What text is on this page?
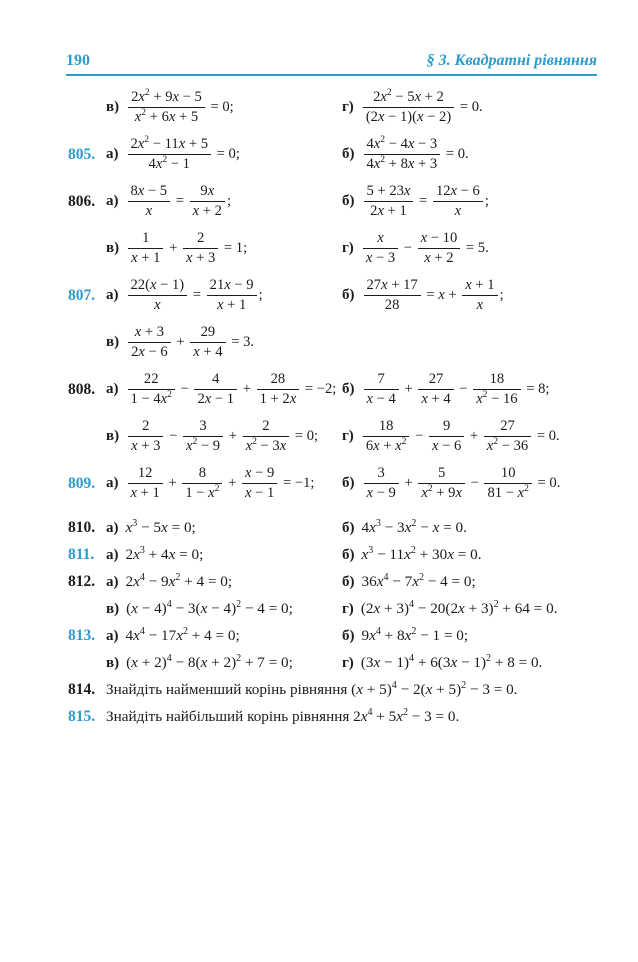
190	§ 3. Квадратні рівняння
$в) \frac{2x^2 + 9x - 5}{x^2 + 6x + 5} = 0$;	$г) \frac{2x^2 - 5x + 2}{(2x - 1)(x - 2)} = 0$.
805. $а) \frac{2x^2 - 11x + 5}{4x^2 - 1} = 0$;	$б) \frac{4x^2 - 4x - 3}{4x^2 + 8x + 3} = 0$.
806. $а) \frac{8x - 5}{x} = \frac{9x}{x + 2}$ ;	$б) \frac{5 + 23x}{2x + 1} = \frac{12x - 6}{x}$ ;
$в) \frac{1}{x + 1} + \frac{2}{x + 3} = 1$;	$г) \frac{x}{x - 3} - \frac{x - 10}{x + 2} = 5$.
807. $а) \frac{22(x - 1)}{x} = \frac{21x - 9}{x + 1}$ ;	$б) \frac{27x + 17}{28} = x + \frac{x + 1}{x}$ ;
$в) \frac{x + 3}{2x - 6} + \frac{29}{x + 4} = 3$.
808. $а) \frac{22}{1 - 4x^2} - \frac{4}{2x - 1} + \frac{28}{1 + 2x} = -2$; $б) \frac{7}{x - 4} + \frac{27}{x + 4} - \frac{18}{x^2 - 16} = 8$;
$в) \frac{2}{x + 3} - \frac{3}{x^2 - 9} + \frac{2}{x^2 - 3x} = 0$;	$г) \frac{18}{6x + x^2} - \frac{9}{x - 6} + \frac{27}{x^2 - 36} = 0$.
809. $а) \frac{12}{x + 1} + \frac{8}{1 - x^2} + \frac{x - 9}{x - 1} = -1$;	$б) \frac{3}{x - 9} + \frac{5}{x^2 + 9x} - \frac{10}{81 - x^2} = 0$.
810. а) $x^3 - 5x = 0$;	б) $4x^3 - 3x^2 - x = 0$.
811. а) $2x^3 + 4x = 0$;	б) $x^3 - 11x^2 + 30x = 0$.
812. а) $2x^4 - 9x^2 + 4 = 0$;	б) $36x^4 - 7x^2 - 4 = 0$;
в) $(x - 4)^4 - 3(x - 4)^2 - 4 = 0$;	г) $(2x + 3)^4 - 20(2x + 3)^2 + 64 = 0$.
813. а) $4x^4 - 17x^2 + 4 = 0$;	б) $9x^4 + 8x^2 - 1 = 0$;
в) $(x + 2)^4 - 8(x + 2)^2 + 7 = 0$;	г) $(3x - 1)^4 + 6(3x - 1)^2 + 8 = 0$.
814. Знайдіть найменший корінь рівняння $(x + 5)^4 - 2(x + 5)^2 - 3 = 0$.
815. Знайдіть найбільший корінь рівняння $2x^4 + 5x^2 - 3 = 0$.
